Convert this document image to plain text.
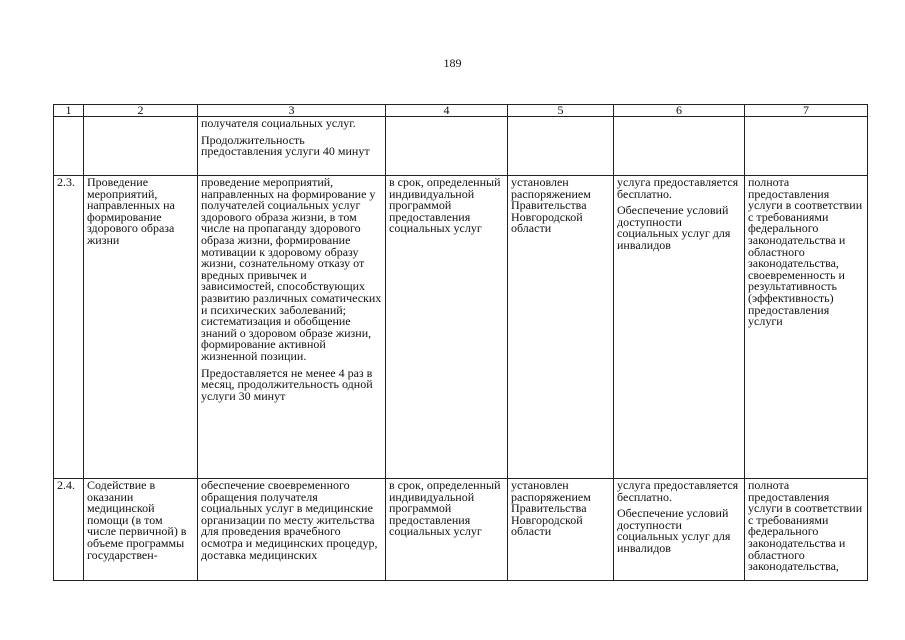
189
1	2	3	4	5	6	7

		получателя социальных услуг.
Продолжительность предоставления услуги 40 минут				

2.3.	Проведение мероприятий, направленных на формирование здорового образа жизни	проведение мероприятий, направленных на формирование у получателей социальных услуг здорового образа жизни, в том числе на пропаганду здорового образа жизни, формирование мотивации к здоровому образу жизни, сознательному отказу от вредных привычек и зависимостей, способствующих развитию различных соматических и психических заболеваний; систематизация и обобщение знаний о здоровом образе жизни, формирование активной жизненной позиции.
Предоставляется не менее 4 раз в месяц, продолжительность одной услуги 30 минут	в срок, определенный индивидуальной программой предоставления социальных услуг	установлен распоряжением Правительства Новгородской области	услуга предоставляется бесплатно.
Обеспечение условий доступности социальных услуг для инвалидов	полнота предоставления услуги в соответствии с требованиями федерального законодательства и областного законодательства, своевременность и результативность (эффективность) предоставления услуги
2.4.	Содействие в оказании медицинской помощи (в том числе первичной) в объеме программы государствен-	обеспечение своевременного обращения получателя социальных услуг в медицинские организации по месту жительства для проведения врачебного осмотра и медицинских процедур, доставка медицинских	в срок, определенный индивидуальной программой предоставления социальных услуг	установлен распоряжением Правительства Новгородской области	услуга предоставляется бесплатно.
Обеспечение условий доступности социальных услуг для инвалидов	полнота предоставления услуги в соответствии с требованиями федерального законодательства и областного законодательства,
